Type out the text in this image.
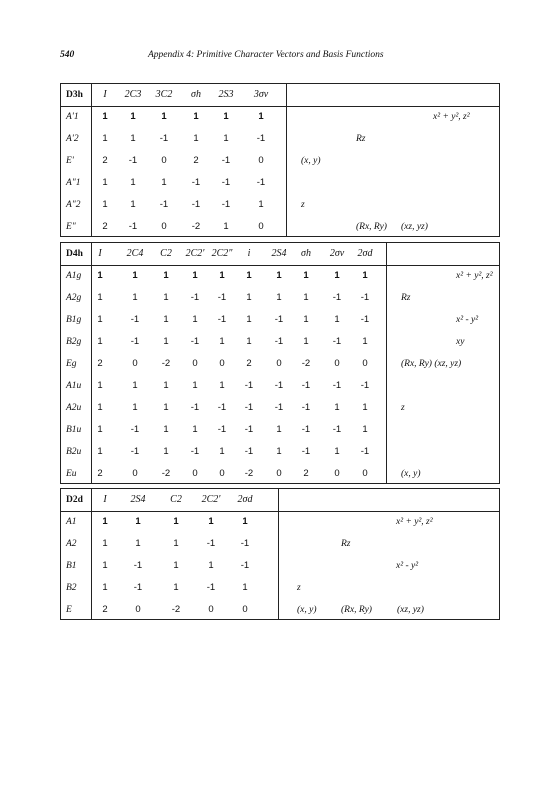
540	Appendix 4: Primitive Character Vectors and Basis Functions
D3h	I	2C3	3C2	σh	2S3	3σv
A'1	1	1	1	1	1	1	x² + y², z²
A'2	1	1	-1	1	1	-1	Rz
E'	2	-1	0	2	-1	0	(x, y)
A"1	1	1	1	-1	-1	-1
A"2	1	1	-1	-1	-1	1	z
E"	2	-1	0	-2	1	0	(Rx, Ry) (xz, yz)
D4h	I	2C4	C2	2C2' 2C2"	i	2S4	σh	2σv	2σd
A1g	1	1	1	1	1	1	1	1	1	1	x² + y², z²
A2g	1	1	1	-1	-1	1	1	1	-1	-1	Rz
B1g	1	-1	1	1	-1	1	-1	1	1	-1	x² - y²
B2g	1	-1	1	-1	1	1	-1	1	-1	1	xy
Eg	2	0	-2	0	0	2	0	-2	0	0	(Rx, Ry) (xz, yz)
A1u	1	1	1	1	1	-1	-1	-1	-1	-1
A2u	1	1	1	-1	-1	-1	-1	-1	1	1	z
B1u	1	-1	1	1	-1	-1	1	-1	-1	1
B2u	1	-1	1	-1	1	-1	1	-1	1	-1
Eu	2	0	-2	0	0	-2	0	2	0	0	(x, y)
D2d	I	2S4	C2	2C2'	2σd
A1	1	1	1	1	1	x² + y², z²
A2	1	1	1	-1	-1	Rz
B1	1	-1	1	1	-1	x² - y²
B2	1	-1	1	-1	1	z
E	2	0	-2	0	0	(x, y)	(Rx, Ry)	(xz, yz)
